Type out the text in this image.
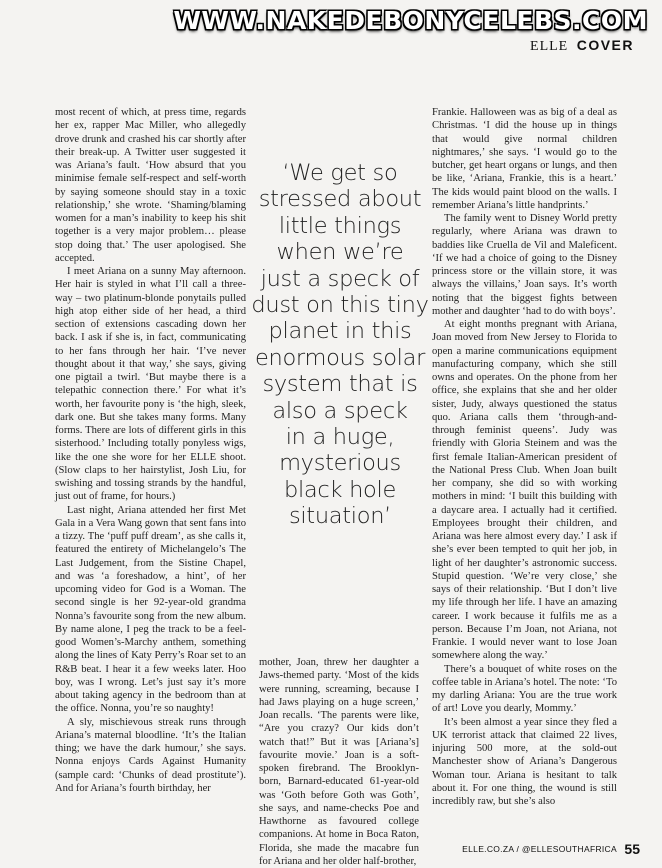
WWW.NAKEDEBONYCELEBS.COM
ELLE COVER

most recent of which, at press time, regards her ex, rapper Mac Miller, who allegedly drove drunk and crashed his car shortly after their break-up. A Twitter user suggested it was Ariana’s fault. ‘How absurd that you minimise female self-respect and self-worth by saying someone should stay in a toxic relationship,’ she wrote. ‘Shaming/blaming women for a man’s inability to keep his shit together is a very major problem… please stop doing that.’ The user apologised. She accepted.

I meet Ariana on a sunny May afternoon. Her hair is styled in what I’ll call a three-way – two platinum-blonde ponytails pulled high atop either side of her head, a third section of extensions cascading down her back. I ask if she is, in fact, communicating to her fans through her hair. ‘I’ve never thought about it that way,’ she says, giving one pigtail a twirl. ‘But maybe there is a telepathic connection there.’ For what it’s worth, her favourite pony is ‘the high, sleek, dark one. But she takes many forms. Many forms. There are lots of different girls in this sisterhood.’ Including totally ponyless wigs, like the one she wore for her ELLE shoot. (Slow claps to her hairstylist, Josh Liu, for swishing and tossing strands by the handful, just out of frame, for hours.)

Last night, Ariana attended her first Met Gala in a Vera Wang gown that sent fans into a tizzy. The ‘puff puff dream’, as she calls it, featured the entirety of Michelangelo’s The Last Judgement, from the Sistine Chapel, and was ‘a foreshadow, a hint’, of her upcoming video for God is a Woman. The second single is her 92-year-old grandma Nonna’s favourite song from the new album. By name alone, I peg the track to be a feel-good Women’s-Marchy anthem, something along the lines of Katy Perry’s Roar set to an R&B beat. I hear it a few weeks later. Hoo boy, was I wrong. Let’s just say it’s more about taking agency in the bedroom than at the office. Nonna, you’re so naughty!

A sly, mischievous streak runs through Ariana’s maternal bloodline. ‘It’s the Italian thing; we have the dark humour,’ she says. Nonna enjoys Cards Against Humanity (sample card: ‘Chunks of dead prostitute’). And for Ariana’s fourth birthday, her

‘We get so
stressed about
little things
when we’re
just a speck of
dust on this tiny
planet in this
enormous solar
system that is
also a speck
in a huge,
mysterious
black hole
situation’

mother, Joan, threw her daughter a Jaws-themed party. ‘Most of the kids were running, screaming, because I had Jaws playing on a huge screen,’ Joan recalls. ‘The parents were like, “Are you crazy? Our kids don’t watch that!” But it was [Ariana’s] favourite movie.’ Joan is a soft-spoken firebrand. The Brooklyn-born, Barnard-educated 61-year-old was ‘Goth before Goth was Goth’, she says, and name-checks Poe and Hawthorne as favoured college companions. At home in Boca Raton, Florida, she made the macabre fun for Ariana and her older half-brother,

Frankie. Halloween was as big of a deal as Christmas. ‘I did the house up in things that would give normal children nightmares,’ she says. ‘I would go to the butcher, get heart organs or lungs, and then be like, ‘Ariana, Frankie, this is a heart.’ The kids would paint blood on the walls. I remember Ariana’s little handprints.’

The family went to Disney World pretty regularly, where Ariana was drawn to baddies like Cruella de Vil and Maleficent. ‘If we had a choice of going to the Disney princess store or the villain store, it was always the villains,’ Joan says. It’s worth noting that the biggest fights between mother and daughter ‘had to do with boys’.

At eight months pregnant with Ariana, Joan moved from New Jersey to Florida to open a marine communications equipment manufacturing company, which she still owns and operates. On the phone from her office, she explains that she and her older sister, Judy, always questioned the status quo. Ariana calls them ‘through-and-through feminist queens’. Judy was friendly with Gloria Steinem and was the first female Italian-American president of the National Press Club. When Joan built her company, she did so with working mothers in mind: ‘I built this building with a daycare area. I actually had it certified. Employees brought their children, and Ariana was here almost every day.’ I ask if she’s ever been tempted to quit her job, in light of her daughter’s astronomic success. Stupid question. ‘We’re very close,’ she says of their relationship. ‘But I don’t live my life through her life. I have an amazing career. I work because it fulfils me as a person. Because I’m Joan, not Ariana, not Frankie. I would never want to lose Joan somewhere along the way.’

There’s a bouquet of white roses on the coffee table in Ariana’s hotel. The note: ‘To my darling Ariana: You are the true work of art! Love you dearly, Mommy.’

It’s been almost a year since they fled a UK terrorist attack that claimed 22 lives, injuring 500 more, at the sold-out Manchester show of Ariana’s Dangerous Woman tour. Ariana is hesitant to talk about it. For one thing, the wound is still incredibly raw, but she’s also

ELLE.CO.ZA / @ELLESOUTHAFRICA 55
